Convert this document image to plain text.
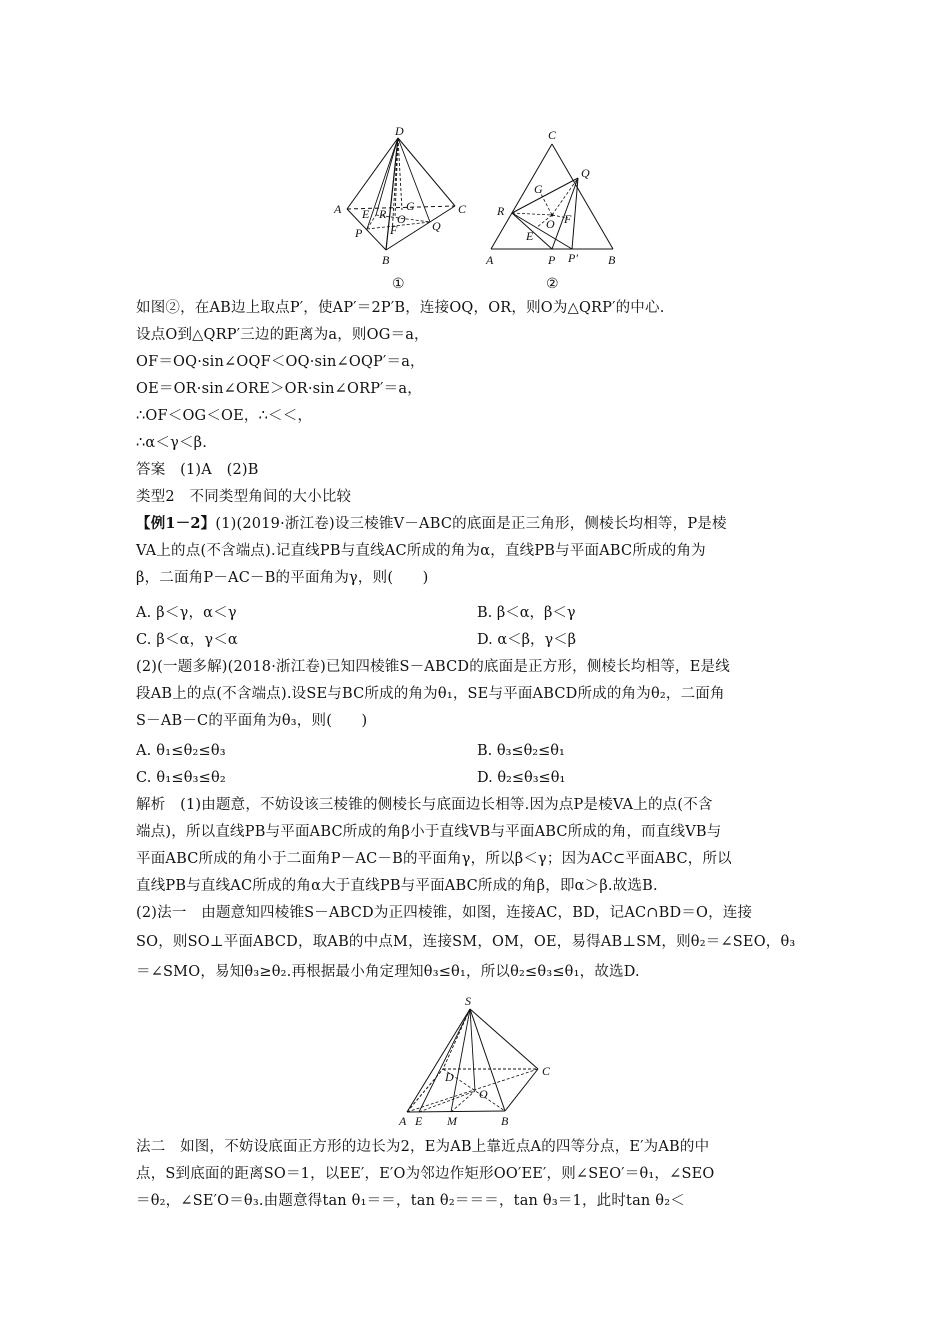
D
A	C
B
E R O
G
P F	Q
①
C
Q
G
R
O F
E
A	P P′	B
②
如图②，在AB边上取点P′，使AP′＝2P′B，连接OQ，OR，则O为△QRP′的中心.
设点O到△QRP′三边的距离为a，则OG＝a，
OF＝OQ·sin∠OQF＜OQ·sin∠OQP′＝a，
OE＝OR·sin∠ORE＞OR·sin∠ORP′＝a，
∴OF＜OG＜OE，∴＜＜，
∴α＜γ＜β.
答案　(1)A　(2)B
类型2　不同类型角间的大小比较
【例1－2】(1)(2019·浙江卷)设三棱锥V－ABC的底面是正三角形，侧棱长均相等，P是棱
VA上的点(不含端点).记直线PB与直线AC所成的角为α，直线PB与平面ABC所成的角为
β，二面角P－AC－B的平面角为γ，则(　　)
A. β＜γ，α＜γ	B. β＜α，β＜γ
C. β＜α，γ＜α	D. α＜β，γ＜β
(2)(一题多解)(2018·浙江卷)已知四棱锥S－ABCD的底面是正方形，侧棱长均相等，E是线
段AB上的点(不含端点).设SE与BC所成的角为θ₁，SE与平面ABCD所成的角为θ₂，二面角
S－AB－C的平面角为θ₃，则(　　)
A. θ₁≤θ₂≤θ₃	B. θ₃≤θ₂≤θ₁
C. θ₁≤θ₃≤θ₂	D. θ₂≤θ₃≤θ₁
解析　(1)由题意，不妨设该三棱锥的侧棱长与底面边长相等.因为点P是棱VA上的点(不含
端点)，所以直线PB与平面ABC所成的角β小于直线VB与平面ABC所成的角，而直线VB与
平面ABC所成的角小于二面角P－AC－B的平面角γ，所以β＜γ；因为AC⊂平面ABC，所以
直线PB与直线AC所成的角α大于直线PB与平面ABC所成的角β，即α＞β.故选B.
(2)法一　由题意知四棱锥S－ABCD为正四棱锥，如图，连接AC，BD，记AC∩BD＝O，连接
SO，则SO⊥平面ABCD，取AB的中点M，连接SM，OM，OE，易得AB⊥SM，则θ₂＝∠SEO，θ₃
＝∠SMO，易知θ₃≥θ₂.再根据最小角定理知θ₃≤θ₁，所以θ₂≤θ₃≤θ₁，故选D.
S
D
O
C
A E M	B
法二　如图，不妨设底面正方形的边长为2，E为AB上靠近点A的四等分点，E′为AB的中
点，S到底面的距离SO＝1，以EE′，E′O为邻边作矩形OO′EE′，则∠SEO′＝θ₁，∠SEO
＝θ₂，∠SE′O＝θ₃.由题意得tan θ₁＝＝，tan θ₂＝＝＝，tan θ₃＝1，此时tan θ₂＜
